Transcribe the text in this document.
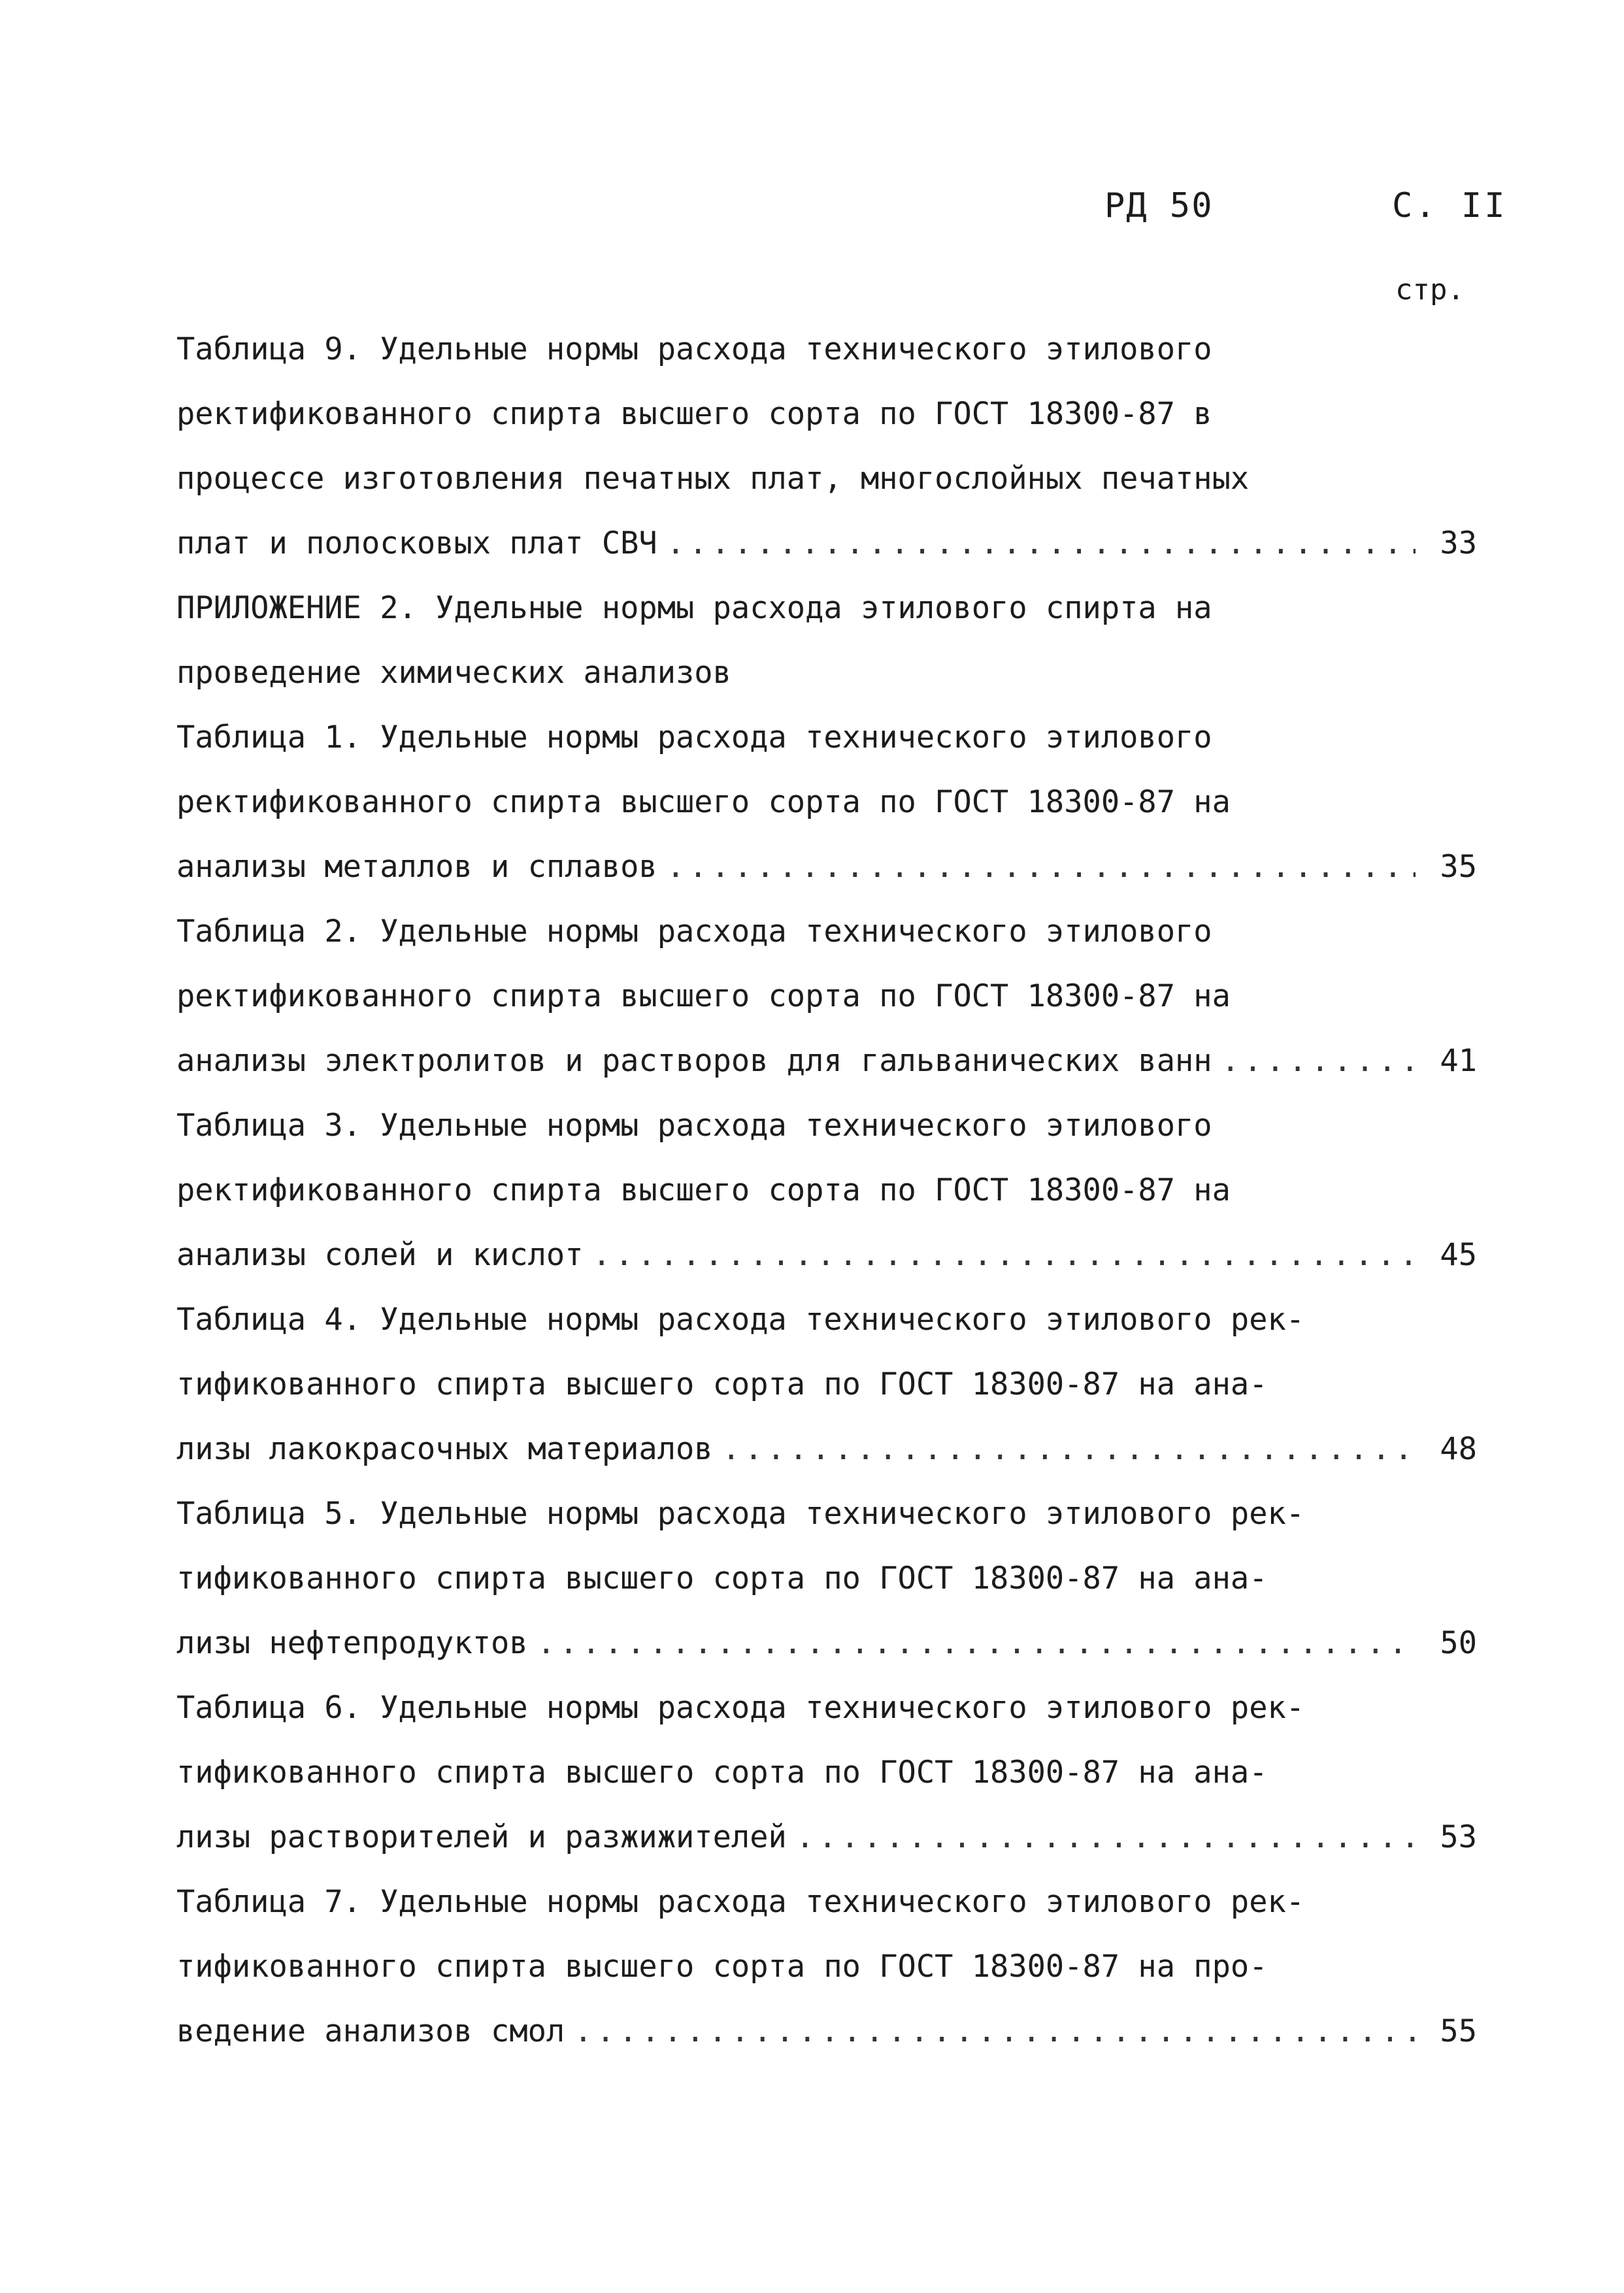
РД 50	С. II
стр.
Таблица 9. Удельные нормы расхода технического этилового
ректификованного спирта высшего сорта по ГОСТ 18300-87 в
процессе изготовления печатных плат, многослойных печатных
плат и полосковых плат СВЧ .....	33
ПРИЛОЖЕНИЕ 2. Удельные нормы расхода этилового спирта на
проведение химических анализов
Таблица 1. Удельные нормы расхода технического этилового
ректификованного спирта высшего сорта по ГОСТ 18300-87 на
анализы металлов и сплавов .....	35
Таблица 2. Удельные нормы расхода технического этилового
ректификованного спирта высшего сорта по ГОСТ 18300-87 на
анализы электролитов и растворов для гальванических ванн .....	41
Таблица 3. Удельные нормы расхода технического этилового
ректификованного спирта высшего сорта по ГОСТ 18300-87 на
анализы солей и кислот .....	45
Таблица 4. Удельные нормы расхода технического этилового рек-
тификованного спирта высшего сорта по ГОСТ 18300-87 на ана-
лизы лакокрасочных материалов .....	48
Таблица 5. Удельные нормы расхода технического этилового рек-
тификованного спирта высшего сорта по ГОСТ 18300-87 на ана-
лизы нефтепродуктов .....	50
Таблица 6. Удельные нормы расхода технического этилового рек-
тификованного спирта высшего сорта по ГОСТ 18300-87 на ана-
лизы растворителей и разжижителей .....	53
Таблица 7. Удельные нормы расхода технического этилового рек-
тификованного спирта высшего сорта по ГОСТ 18300-87 на про-
ведение анализов смол .....	55
